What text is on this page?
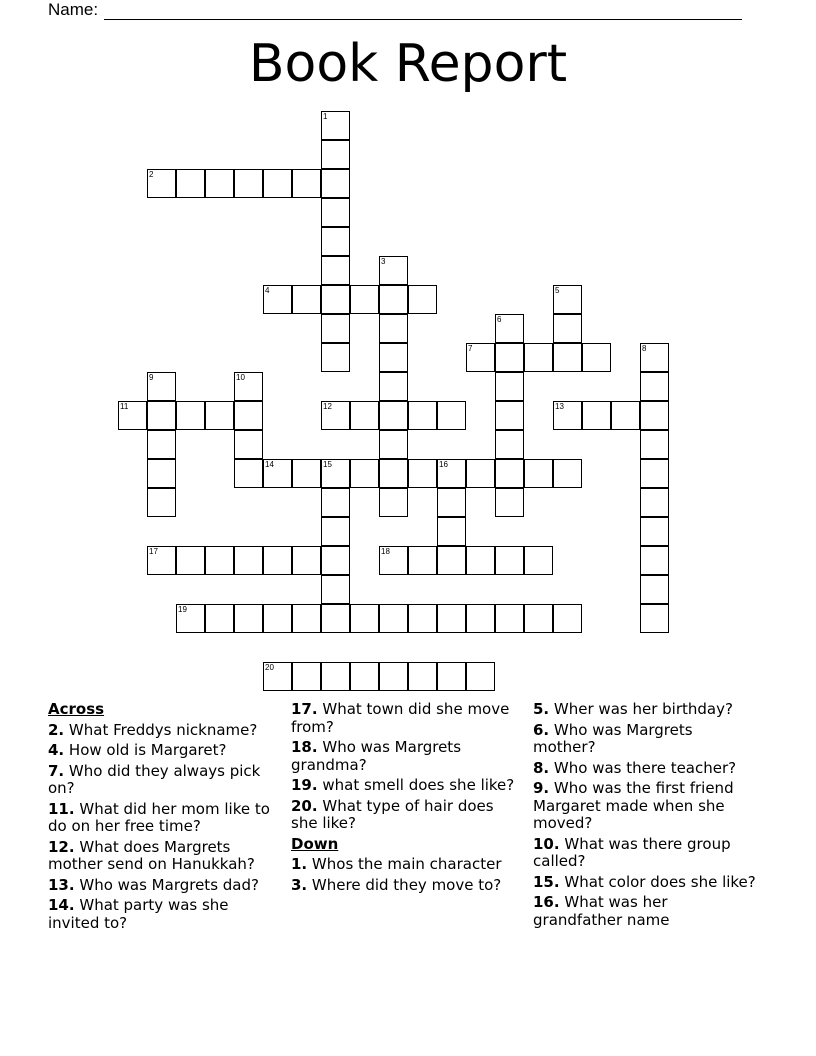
Name:
Book Report
1
2
3
4	5
6
7	8
9	10
11	12	13
14	15	16
17	18
19
20
Across
2. What Freddys nickname?
4. How old is Margaret?
7. Who did they always pick on?
11. What did her mom like to do on her free time?
12. What does Margrets mother send on Hanukkah?
13. Who was Margrets dad?
14. What party was she invited to?
17. What town did she move from?
18. Who was Margrets grandma?
19. what smell does she like?
20. What type of hair does she like?
Down
1. Whos the main character
3. Where did they move to?
5. Wher was her birthday?
6. Who was Margrets mother?
8. Who was there teacher?
9. Who was the first friend Margaret made when she moved?
10. What was there group called?
15. What color does she like?
16. What was her grandfather name
